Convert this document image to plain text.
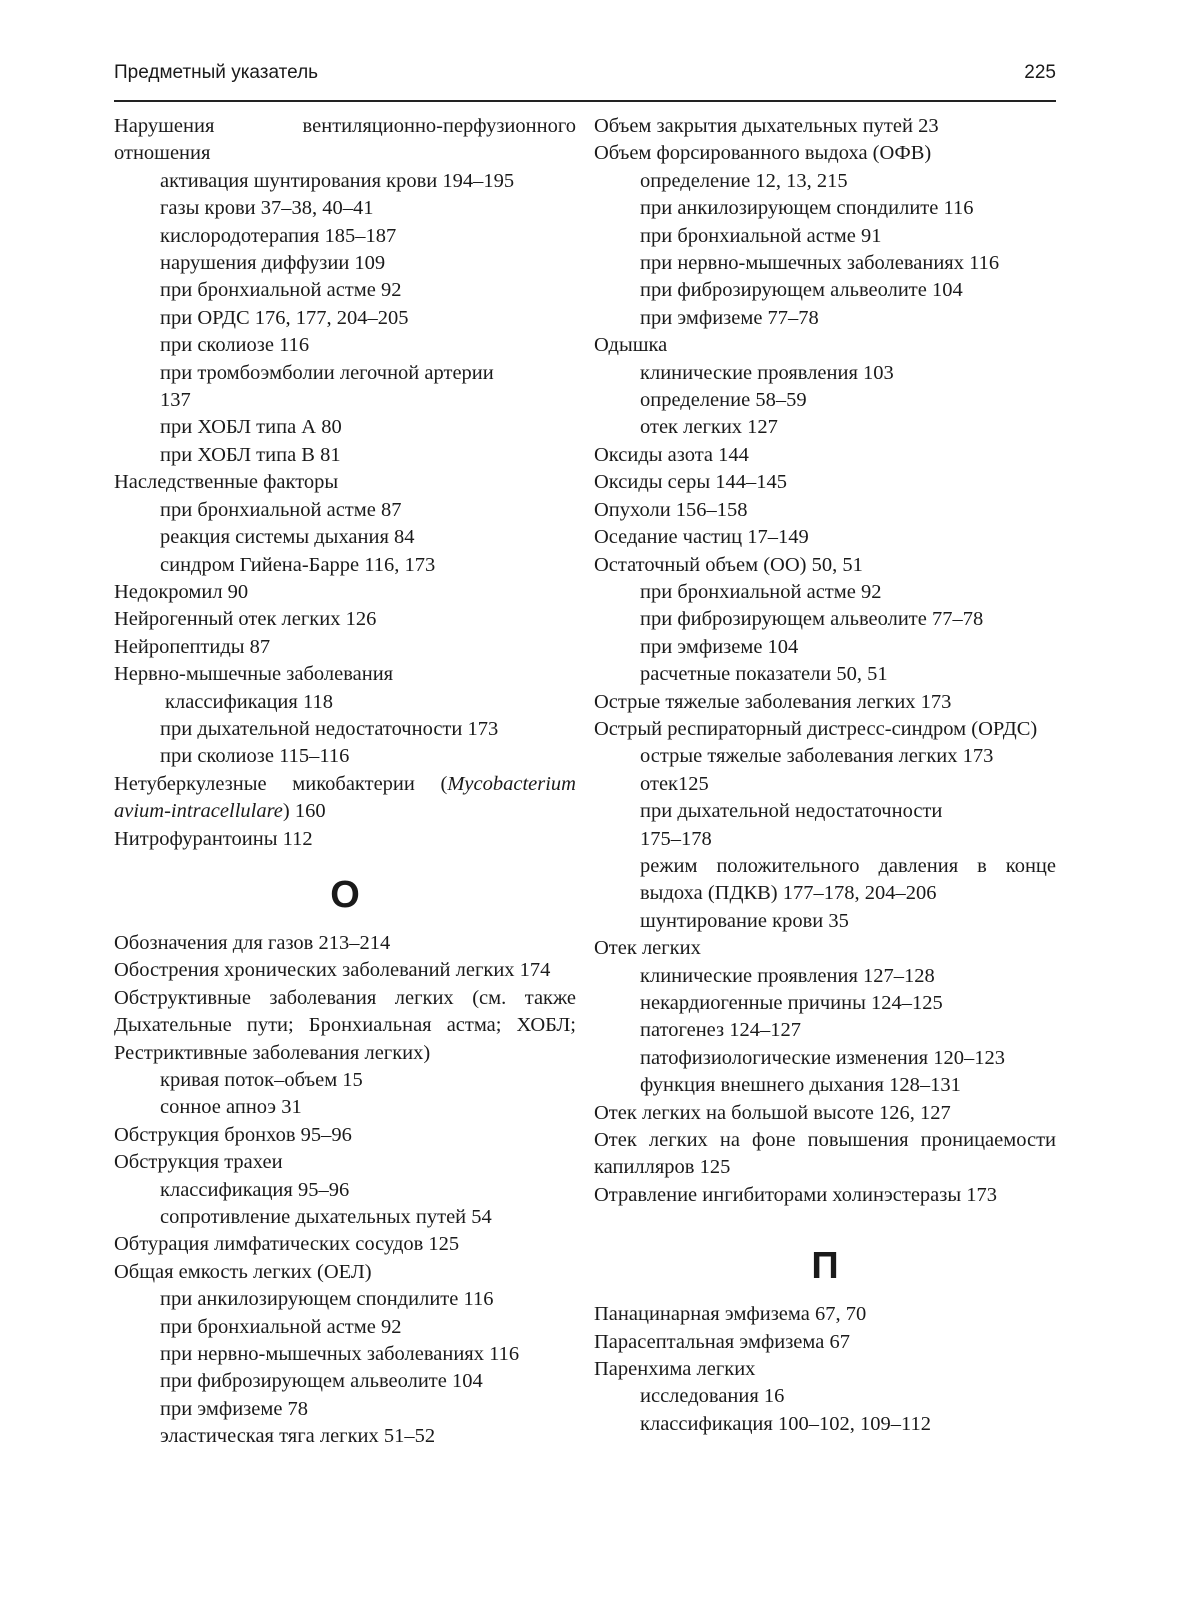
Предметный указатель	225

Нарушения вентиляционно-перфузионного отношения

активация шунтирования крови 194–195

газы крови 37–38, 40–41

кислородотерапия 185–187

нарушения диффузии 109

при бронхиальной астме 92

при ОРДС 176, 177, 204–205

при сколиозе 116

при тромбоэмболии легочной артерии 137

при ХОБЛ типа А 80

при ХОБЛ типа В 81

Наследственные факторы

при бронхиальной астме 87

реакция системы дыхания 84

синдром Гийена-Барре 116, 173

Недокромил 90

Нейрогенный отек легких 126

Нейропептиды 87

Нервно-мышечные заболевания

классификация 118

при дыхательной недостаточности 173

при сколиозе 115–116

Нетуберкулезные микобактерии (Mycobacterium avium-intracellulare) 160

Нитрофурантоины 112

О

Обозначения для газов 213–214

Обострения хронических заболеваний легких 174

Обструктивные заболевания легких (см. также Дыхательные пути; Бронхиальная астма; ХОБЛ; Рестриктивные заболевания легких)

кривая поток–объем 15

сонное апноэ 31

Обструкция бронхов 95–96

Обструкция трахеи

классификация 95–96

сопротивление дыхательных путей 54

Обтурация лимфатических сосудов 125

Общая емкость легких (ОЕЛ)

при анкилозирующем спондилите 116

при бронхиальной астме 92

при нервно-мышечных заболеваниях 116

при фиброзирующем альвеолите 104

при эмфиземе 78

эластическая тяга легких 51–52

Объем закрытия дыхательных путей 23

Объем форсированного выдоха (ОФВ)

определение 12, 13, 215

при анкилозирующем спондилите 116

при бронхиальной астме 91

при нервно-мышечных заболеваниях 116

при фиброзирующем альвеолите 104

при эмфиземе 77–78

Одышка

клинические проявления 103

определение 58–59

отек легких 127

Оксиды азота 144

Оксиды серы 144–145

Опухоли 156–158

Оседание частиц 17–149

Остаточный объем (ОО) 50, 51

при бронхиальной астме 92

при фиброзирующем альвеолите 77–78

при эмфиземе 104

расчетные показатели 50, 51

Острые тяжелые заболевания легких 173

Острый респираторный дистресс-синдром (ОРДС)

острые тяжелые заболевания легких 173

отек125

при дыхательной недостаточности 175–178

режим положительного давления в конце выдоха (ПДКВ) 177–178, 204–206

шунтирование крови 35

Отек легких

клинические проявления 127–128

некардиогенные причины 124–125

патогенез 124–127

патофизиологические изменения 120–123

функция внешнего дыхания 128–131

Отек легких на большой высоте 126, 127

Отек легких на фоне повышения проницаемости капилляров 125

Отравление ингибиторами холинэстеразы 173

П

Панацинарная эмфизема 67, 70

Парасептальная эмфизема 67

Паренхима легких

исследования 16

классификация 100–102, 109–112
